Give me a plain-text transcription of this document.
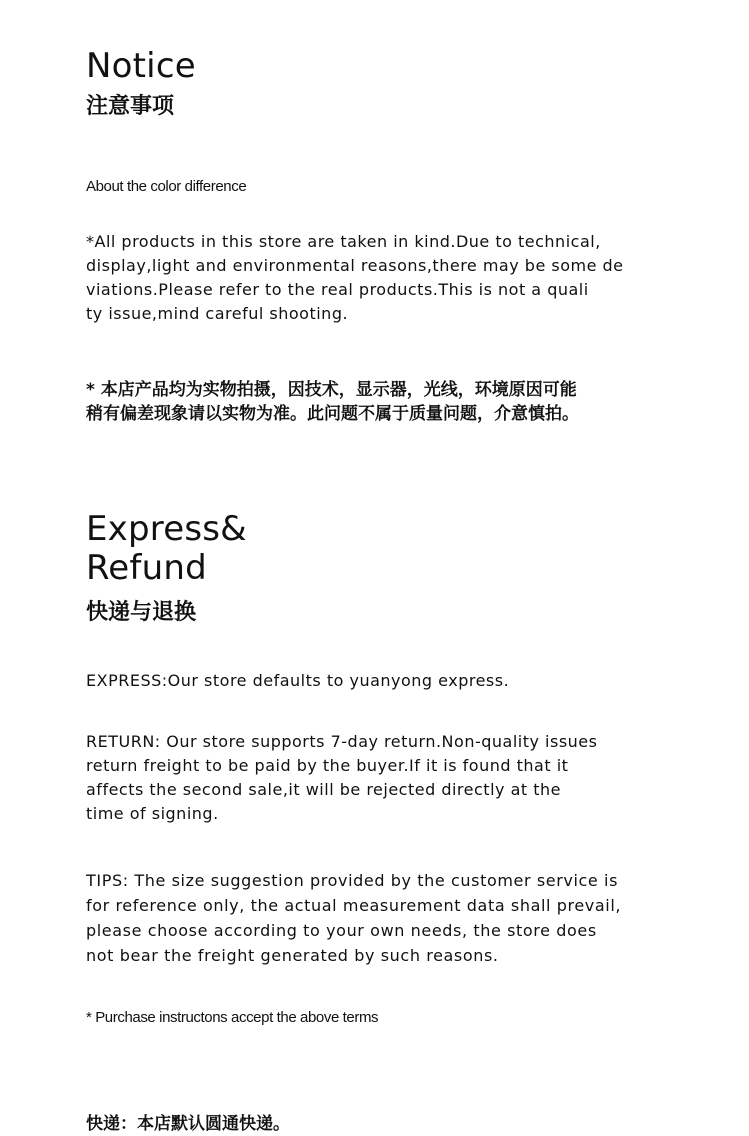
Notice
注意事项

About the color difference

*All products in this store are taken in kind.Due to technical,
display,light and environmental reasons,there may be some de
viations.Please refer to the real products.This is not a quali
ty issue,mind careful shooting.

* 本店产品均为实物拍摄，因技术，显示器，光线，环境原因可能
稍有偏差现象请以实物为准。此问题不属于质量问题，介意慎拍。

Express&
Refund
快递与退换

EXPRESS:Our store defaults to yuanyong express.

RETURN: Our store supports 7-day return.Non-quality issues
return freight to be paid by the buyer.If it is found that it
affects the second sale,it will be rejected directly at the
time of signing.

TIPS: The size suggestion provided by the customer service is
for reference only, the actual measurement data shall prevail,
please choose according to your own needs, the store does
not bear the freight generated by such reasons.

* Purchase instructons accept the above terms

快递：本店默认圆通快递。
